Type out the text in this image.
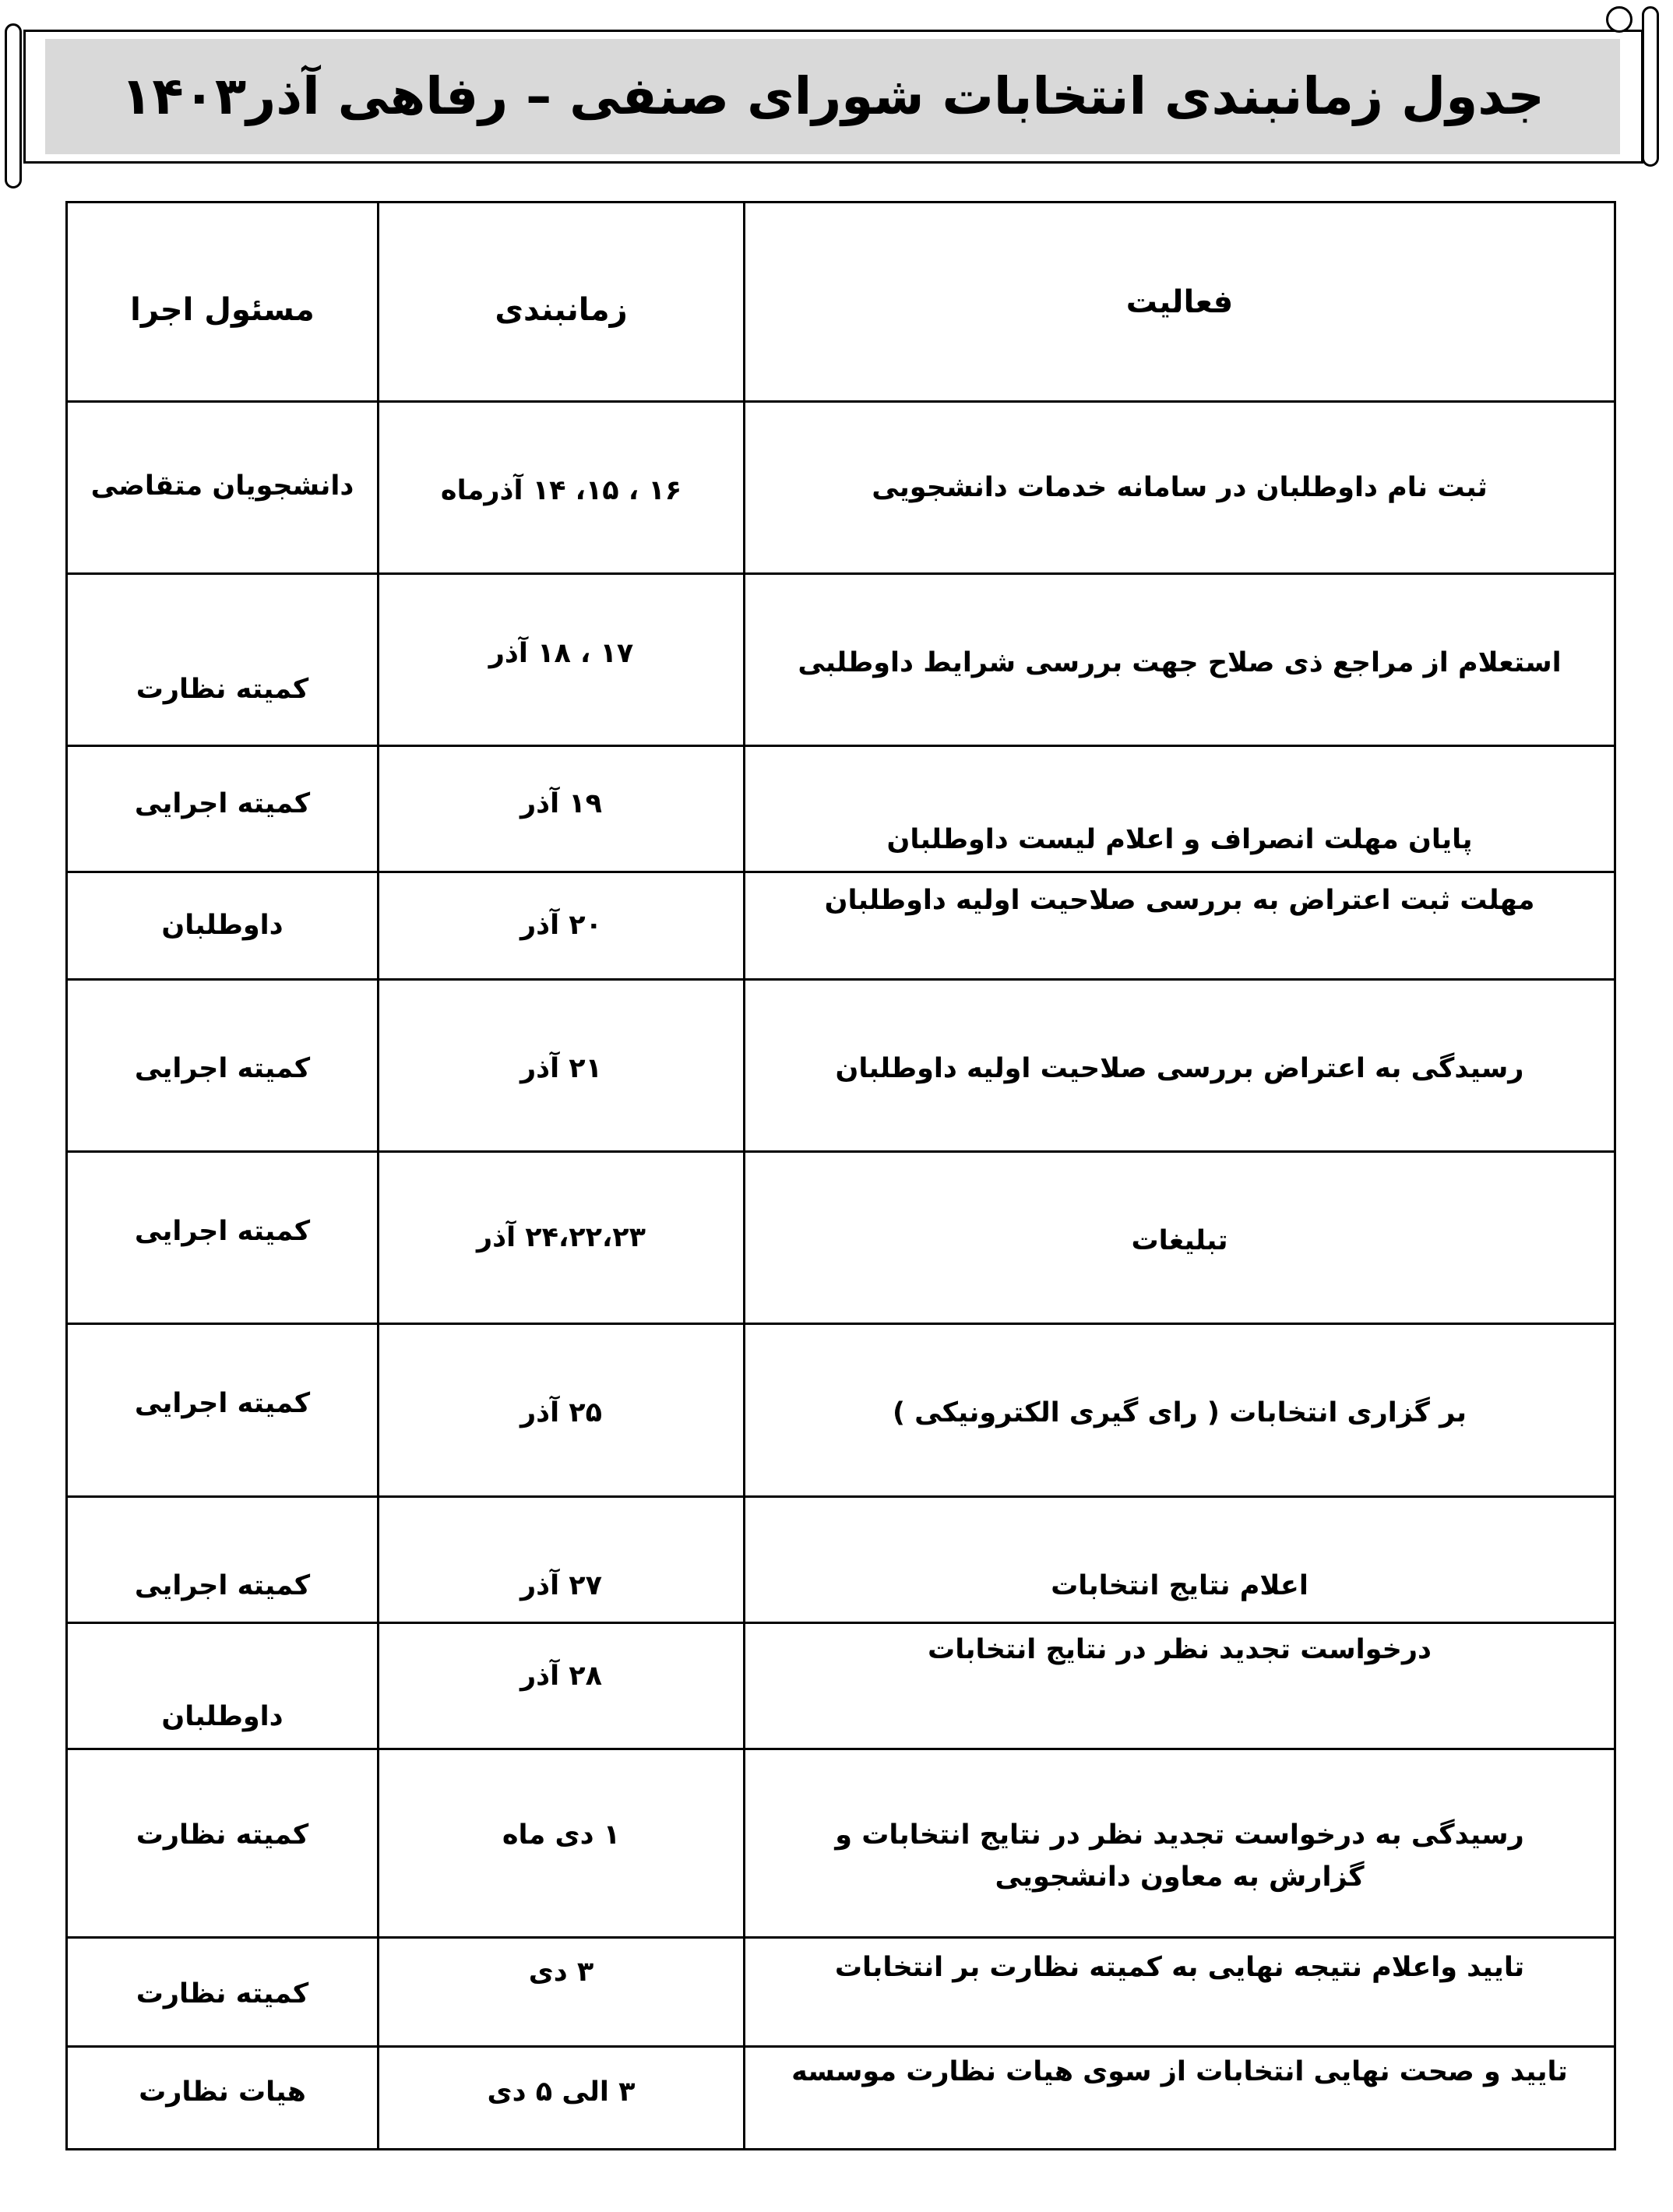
جدول زمانبندی انتخابات شورای صنفی – رفاهی آذر۱۴۰۳
فعالیت	زمانبندی	مسئول اجرا
ثبت نام داوطلبان در سامانه خدمات دانشجویی	۱۶ ، ۱۵، ۱۴ آذرماه	دانشجویان متقاضی
استعلام از مراجع ذی صلاح جهت بررسی شرایط داوطلبی	۱۷ ، ۱۸ آذر	کمیته نظارت
پایان مهلت انصراف و اعلام لیست داوطلبان	۱۹ آذر	کمیته اجرایی
مهلت ثبت اعتراض به بررسی صلاحیت اولیه داوطلبان	۲۰ آذر	داوطلبان
رسیدگی به اعتراض بررسی صلاحیت اولیه داوطلبان	۲۱ آذر	کمیته اجرایی
تبلیغات	۲۴،۲۲،۲۳ آذر	کمیته اجرایی
بر گزاری انتخابات ( رای گیری الکترونیکی )	۲۵ آذر	کمیته اجرایی
اعلام نتایج انتخابات	۲۷ آذر	کمیته اجرایی
درخواست تجدید نظر در نتایج انتخابات	۲۸ آذر	داوطلبان
رسیدگی به درخواست تجدید نظر در نتایج انتخابات و گزارش به معاون دانشجویی	۱ دی ماه	کمیته نظارت
تایید واعلام نتیجه نهایی به کمیته نظارت بر انتخابات	۳ دی	کمیته نظارت
تایید و صحت نهایی انتخابات از سوی هیات نظارت موسسه	۳ الی ۵ دی	هیات نظارت
